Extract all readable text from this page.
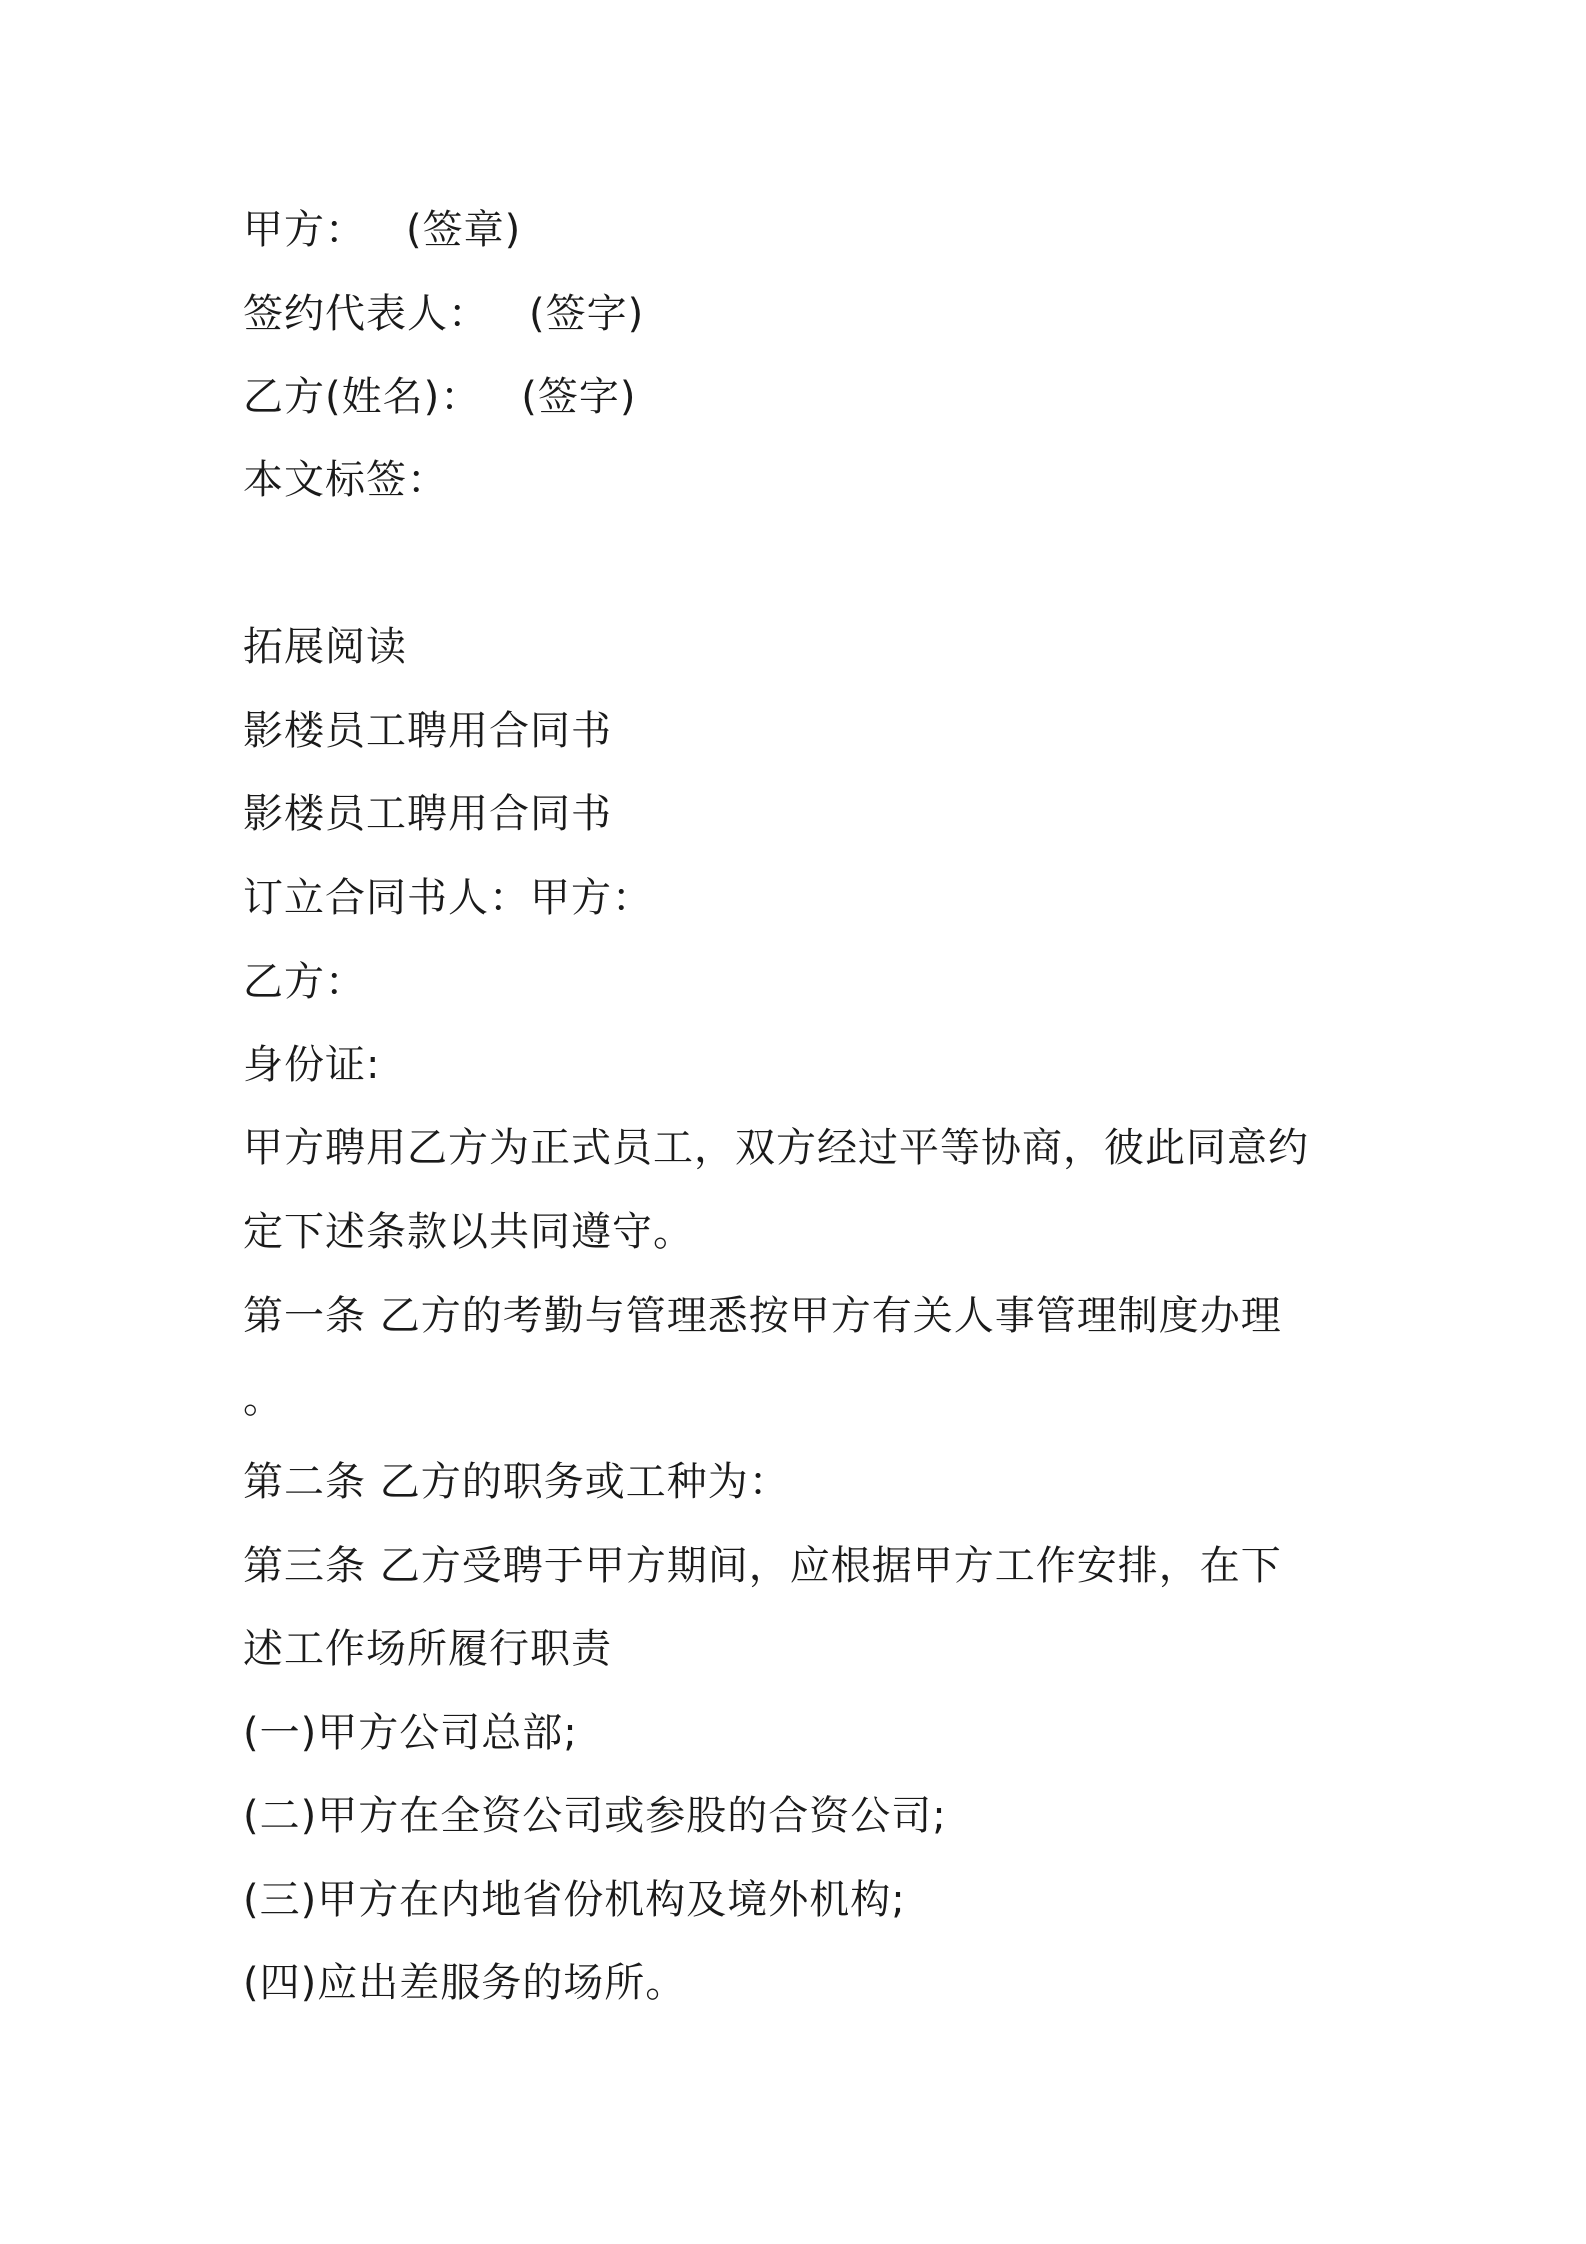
甲方： (签章)
签约代表人： (签字)
乙方(姓名)： (签字)
本文标签：
拓展阅读
影楼员工聘用合同书
影楼员工聘用合同书
订立合同书人：甲方：
乙方：
身份证:
甲方聘用乙方为正式员工，双方经过平等协商，彼此同意约
定下述条款以共同遵守。
第一条 乙方的考勤与管理悉按甲方有关人事管理制度办理
。
第二条 乙方的职务或工种为：
第三条 乙方受聘于甲方期间，应根据甲方工作安排，在下
述工作场所履行职责
(一)甲方公司总部;
(二)甲方在全资公司或参股的合资公司;
(三)甲方在内地省份机构及境外机构;
(四)应出差服务的场所。
